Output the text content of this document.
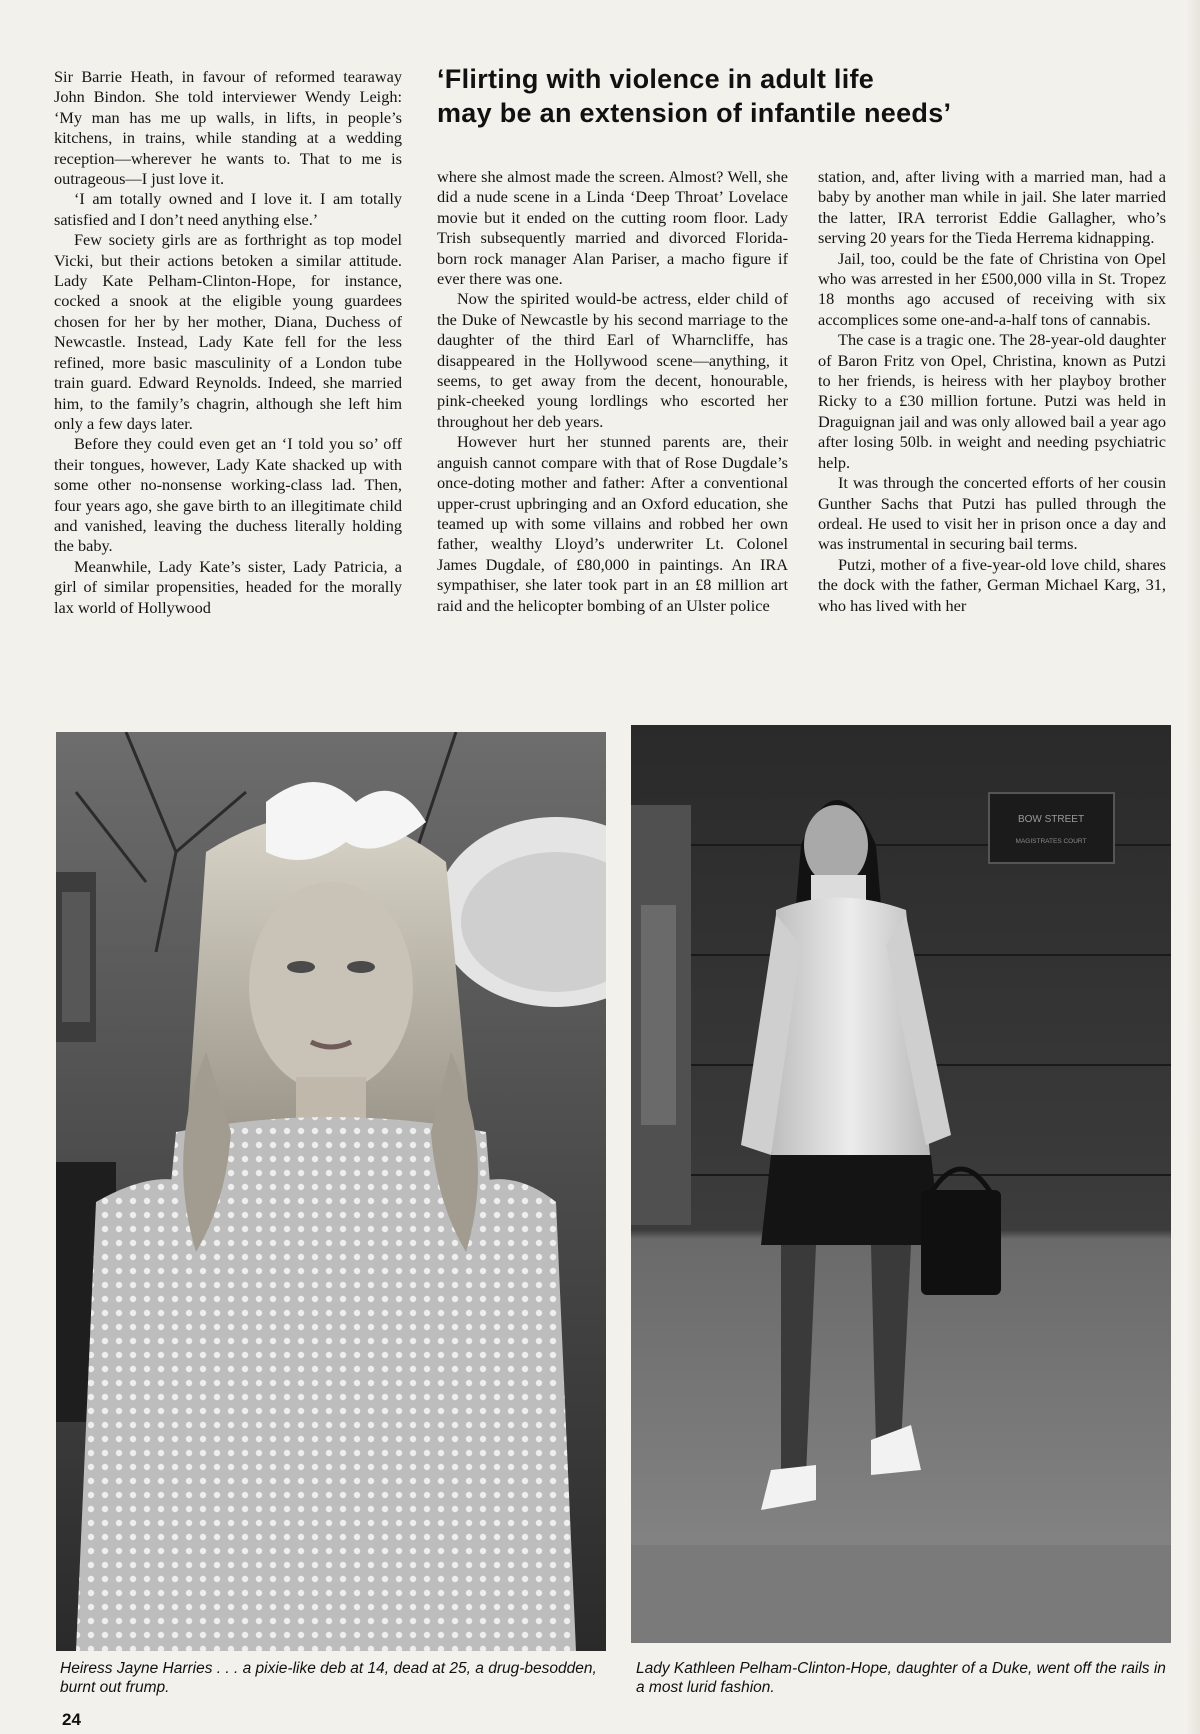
Sir Barrie Heath, in favour of reformed tearaway John Bindon. She told interviewer Wendy Leigh: ‘My man has me up walls, in lifts, in people’s kitchens, in trains, while standing at a wedding reception—wherever he wants to. That to me is outrageous—I just love it.

‘I am totally owned and I love it. I am totally satisfied and I don’t need anything else.’

Few society girls are as forthright as top model Vicki, but their actions betoken a similar attitude. Lady Kate Pelham-Clinton-Hope, for instance, cocked a snook at the eligible young guardees chosen for her by her mother, Diana, Duchess of Newcastle. Instead, Lady Kate fell for the less refined, more basic masculinity of a London tube train guard. Edward Reynolds. Indeed, she married him, to the family’s chagrin, although she left him only a few days later.

Before they could even get an ‘I told you so’ off their tongues, however, Lady Kate shacked up with some other no-nonsense working-class lad. Then, four years ago, she gave birth to an illegitimate child and vanished, leaving the duchess literally holding the baby.

Meanwhile, Lady Kate’s sister, Lady Patricia, a girl of similar propensities, headed for the morally lax world of Hollywood

‘Flirting with violence in adult life
may be an extension of infantile needs’

where she almost made the screen. Almost? Well, she did a nude scene in a Linda ‘Deep Throat’ Lovelace movie but it ended on the cutting room floor. Lady Trish subsequently married and divorced Florida-born rock manager Alan Pariser, a macho figure if ever there was one.

Now the spirited would-be actress, elder child of the Duke of Newcastle by his second marriage to the daughter of the third Earl of Wharncliffe, has disappeared in the Hollywood scene—anything, it seems, to get away from the decent, honourable, pink-cheeked young lordlings who escorted her throughout her deb years.

However hurt her stunned parents are, their anguish cannot compare with that of Rose Dugdale’s once-doting mother and father: After a conventional upper-crust upbringing and an Oxford education, she teamed up with some villains and robbed her own father, wealthy Lloyd’s underwriter Lt. Colonel James Dugdale, of £80,000 in paintings. An IRA sympathiser, she later took part in an £8 million art raid and the helicopter bombing of an Ulster police

station, and, after living with a married man, had a baby by another man while in jail. She later married the latter, IRA terrorist Eddie Gallagher, who’s serving 20 years for the Tieda Herrema kidnapping.

Jail, too, could be the fate of Christina von Opel who was arrested in her £500,000 villa in St. Tropez 18 months ago accused of receiving with six accomplices some one-and-a-half tons of cannabis.

The case is a tragic one. The 28-year-old daughter of Baron Fritz von Opel, Christina, known as Putzi to her friends, is heiress with her playboy brother Ricky to a £30 million fortune. Putzi was held in Draguignan jail and was only allowed bail a year ago after losing 50lb. in weight and needing psychiatric help.

It was through the concerted efforts of her cousin Gunther Sachs that Putzi has pulled through the ordeal. He used to visit her in prison once a day and was instrumental in securing bail terms.

Putzi, mother of a five-year-old love child, shares the dock with the father, German Michael Karg, 31, who has lived with her

BOW STREET
MAGISTRATES COURT
Heiress Jayne Harries . . . a pixie-like deb at 14, dead at 25, a drug-besodden, burnt out frump.
Lady Kathleen Pelham-Clinton-Hope, daughter of a Duke, went off the rails in a most lurid fashion.
24
